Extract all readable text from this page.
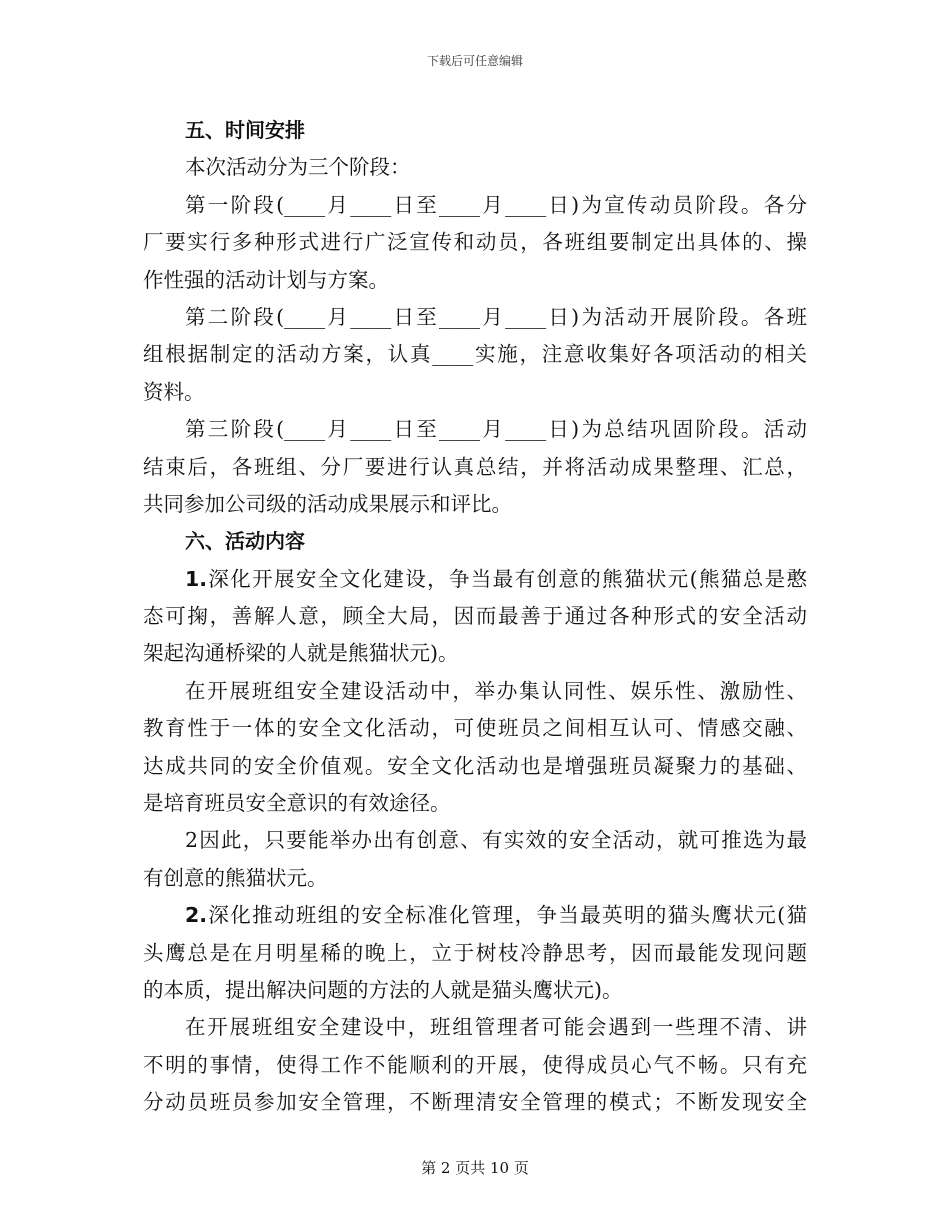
下载后可任意编辑
五、时间安排
本次活动分为三个阶段：
第一阶段(____月____日至____月____日)为宣传动员阶段。各分
厂要实行多种形式进行广泛宣传和动员，各班组要制定出具体的、操
作性强的活动计划与方案。
第二阶段(____月____日至____月____日)为活动开展阶段。各班
组根据制定的活动方案，认真____实施，注意收集好各项活动的相关
资料。
第三阶段(____月____日至____月____日)为总结巩固阶段。活动
结束后，各班组、分厂要进行认真总结，并将活动成果整理、汇总，
共同参加公司级的活动成果展示和评比。
六、活动内容
1.深化开展安全文化建设，争当最有创意的熊猫状元(熊猫总是憨
态可掬，善解人意，顾全大局，因而最善于通过各种形式的安全活动
架起沟通桥梁的人就是熊猫状元)。
在开展班组安全建设活动中，举办集认同性、娱乐性、激励性、
教育性于一体的安全文化活动，可使班员之间相互认可、情感交融、
达成共同的安全价值观。安全文化活动也是增强班员凝聚力的基础、
是培育班员安全意识的有效途径。
2因此，只要能举办出有创意、有实效的安全活动，就可推选为最
有创意的熊猫状元。
2.深化推动班组的安全标准化管理，争当最英明的猫头鹰状元(猫
头鹰总是在月明星稀的晚上，立于树枝冷静思考，因而最能发现问题
的本质，提出解决问题的方法的人就是猫头鹰状元)。
在开展班组安全建设中，班组管理者可能会遇到一些理不清、讲
不明的事情，使得工作不能顺利的开展，使得成员心气不畅。只有充
分动员班员参加安全管理，不断理清安全管理的模式；不断发现安全
第 2 页共 10 页
